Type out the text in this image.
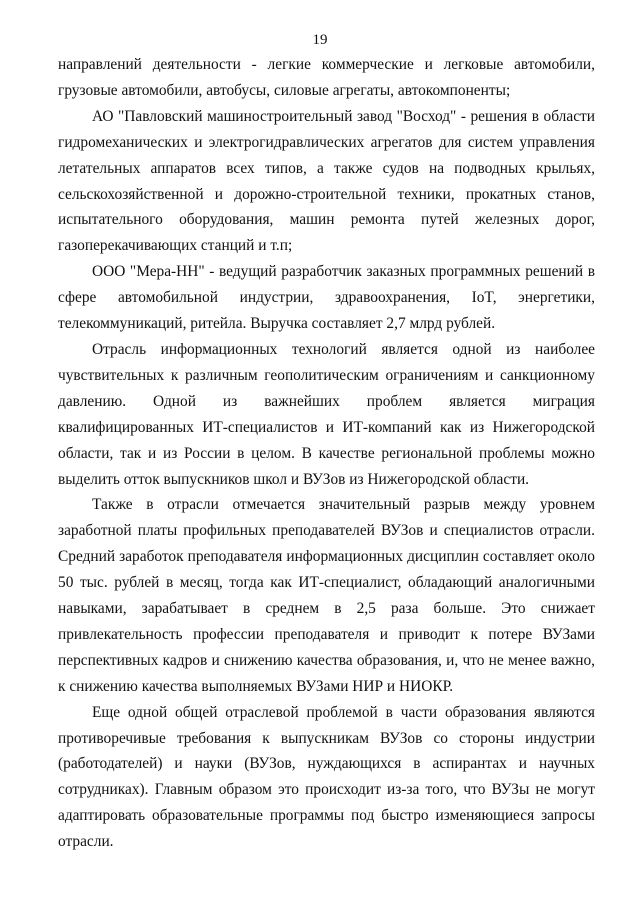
19

направлений деятельности - легкие коммерческие и легковые автомобили, грузовые автомобили, автобусы, силовые агрегаты, автокомпоненты;

АО "Павловский машиностроительный завод "Восход" - решения в области гидромеханических и электрогидравлических агрегатов для систем управления летательных аппаратов всех типов, а также судов на подводных крыльях, сельскохозяйственной и дорожно-строительной техники, прокатных станов, испытательного оборудования, машин ремонта путей железных дорог, газоперекачивающих станций и т.п;

ООО "Мера-НН" - ведущий разработчик заказных программных решений в сфере автомобильной индустрии, здравоохранения, IoT, энергетики, телекоммуникаций, ритейла. Выручка составляет 2,7 млрд рублей.

Отрасль информационных технологий является одной из наиболее чувствительных к различным геополитическим ограничениям и санкционному давлению. Одной из важнейших проблем является миграция квалифицированных ИТ-специалистов и ИТ-компаний как из Нижегородской области, так и из России в целом. В качестве региональной проблемы можно выделить отток выпускников школ и ВУЗов из Нижегородской области.

Также в отрасли отмечается значительный разрыв между уровнем заработной платы профильных преподавателей ВУЗов и специалистов отрасли. Средний заработок преподавателя информационных дисциплин составляет около 50 тыс. рублей в месяц, тогда как ИТ-специалист, обладающий аналогичными навыками, зарабатывает в среднем в 2,5 раза больше. Это снижает привлекательность профессии преподавателя и приводит к потере ВУЗами перспективных кадров и снижению качества образования, и, что не менее важно, к снижению качества выполняемых ВУЗами НИР и НИОКР.

Еще одной общей отраслевой проблемой в части образования являются противоречивые требования к выпускникам ВУЗов со стороны индустрии (работодателей) и науки (ВУЗов, нуждающихся в аспирантах и научных сотрудниках). Главным образом это происходит из-за того, что ВУЗы не могут адаптировать образовательные программы под быстро изменяющиеся запросы отрасли.
